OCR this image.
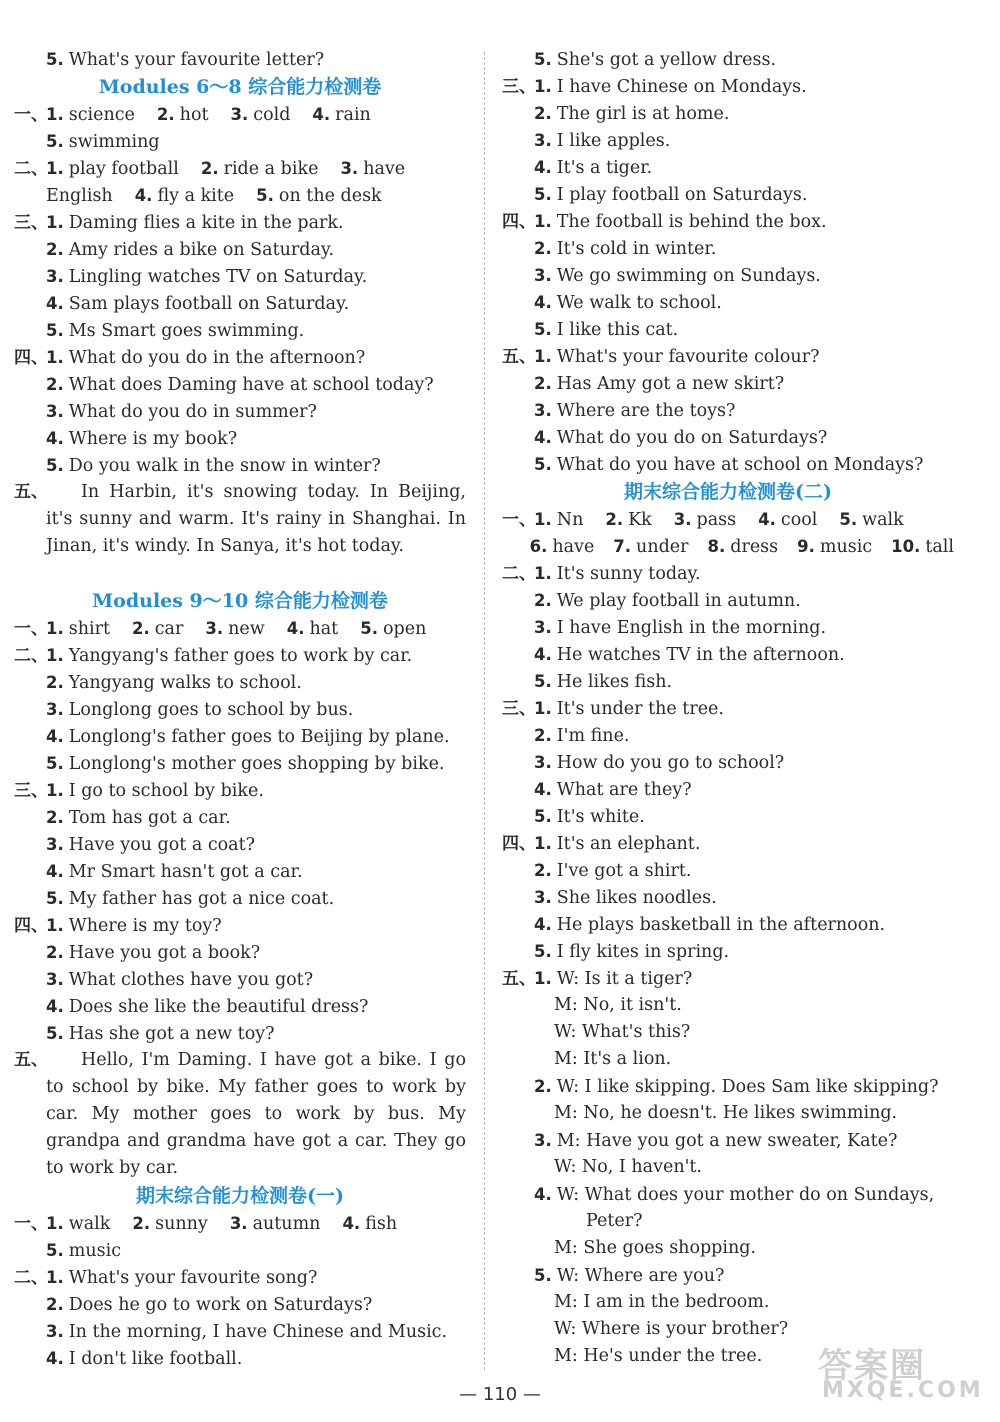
5. What's your favourite letter?
Modules 6～8 综合能力检测卷
一、
1. science 2. hot 3. cold 4. rain
5. swimming
二、
1. play football 2. ride a bike 3. have
English 4. fly a kite 5. on the desk
三、
1. Daming flies a kite in the park.
2. Amy rides a bike on Saturday.
3. Lingling watches TV on Saturday.
4. Sam plays football on Saturday.
5. Ms Smart goes swimming.
四、
1. What do you do in the afternoon?
2. What does Daming have at school today?
3. What do you do in summer?
4. Where is my book?
5. Do you walk in the snow in winter?
五、	In Harbin, it's snowing today. In Beijing, it's sunny and warm. It's rainy in Shanghai. In Jinan, it's windy. In Sanya, it's hot today.
Modules 9～10 综合能力检测卷
一、
1. shirt 2. car 3. new 4. hat 5. open
二、
1. Yangyang's father goes to work by car.
2. Yangyang walks to school.
3. Longlong goes to school by bus.
4. Longlong's father goes to Beijing by plane.
5. Longlong's mother goes shopping by bike.
三、
1. I go to school by bike.
2. Tom has got a car.
3. Have you got a coat?
4. Mr Smart hasn't got a car.
5. My father has got a nice coat.
四、
1. Where is my toy?
2. Have you got a book?
3. What clothes have you got?
4. Does she like the beautiful dress?
5. Has she got a new toy?
五、	Hello, I'm Daming. I have got a bike. I go to school by bike. My father goes to work by car. My mother goes to work by bus. My grandpa and grandma have got a car. They go to work by car.
期末综合能力检测卷(一)
一、
1. walk 2. sunny 3. autumn 4. fish
5. music
二、
1. What's your favourite song?
2. Does he go to work on Saturdays?
3. In the morning, I have Chinese and Music.
4. I don't like football.
5. She's got a yellow dress.
三、
1. I have Chinese on Mondays.
2. The girl is at home.
3. I like apples.
4. It's a tiger.
5. I play football on Saturdays.
四、
1. The football is behind the box.
2. It's cold in winter.
3. We go swimming on Sundays.
4. We walk to school.
5. I like this cat.
五、
1. What's your favourite colour?
2. Has Amy got a new skirt?
3. Where are the toys?
4. What do you do on Saturdays?
5. What do you have at school on Mondays?
期末综合能力检测卷(二)
一、
1. Nn 2. Kk 3. pass 4. cool 5. walk
6. have 7. under 8. dress 9. music 10. tall
二、
1. It's sunny today.
2. We play football in autumn.
3. I have English in the morning.
4. He watches TV in the afternoon.
5. He likes fish.
三、
1. It's under the tree.
2. I'm fine.
3. How do you go to school?
4. What are they?
5. It's white.
四、
1. It's an elephant.
2. I've got a shirt.
3. She likes noodles.
4. He plays basketball in the afternoon.
5. I fly kites in spring.
五、
1. W: Is it a tiger?
M: No, it isn't.
W: What's this?
M: It's a lion.
2. W: I like skipping. Does Sam like skipping?
M: No, he doesn't. He likes swimming.
3. M: Have you got a new sweater, Kate?
W: No, I haven't.
4. W: What does your mother do on Sundays,
Peter?
M: She goes shopping.
5. W: Where are you?
M: I am in the bedroom.
W: Where is your brother?
M: He's under the tree.
— 110 —
答案圈
MXQE.COM
